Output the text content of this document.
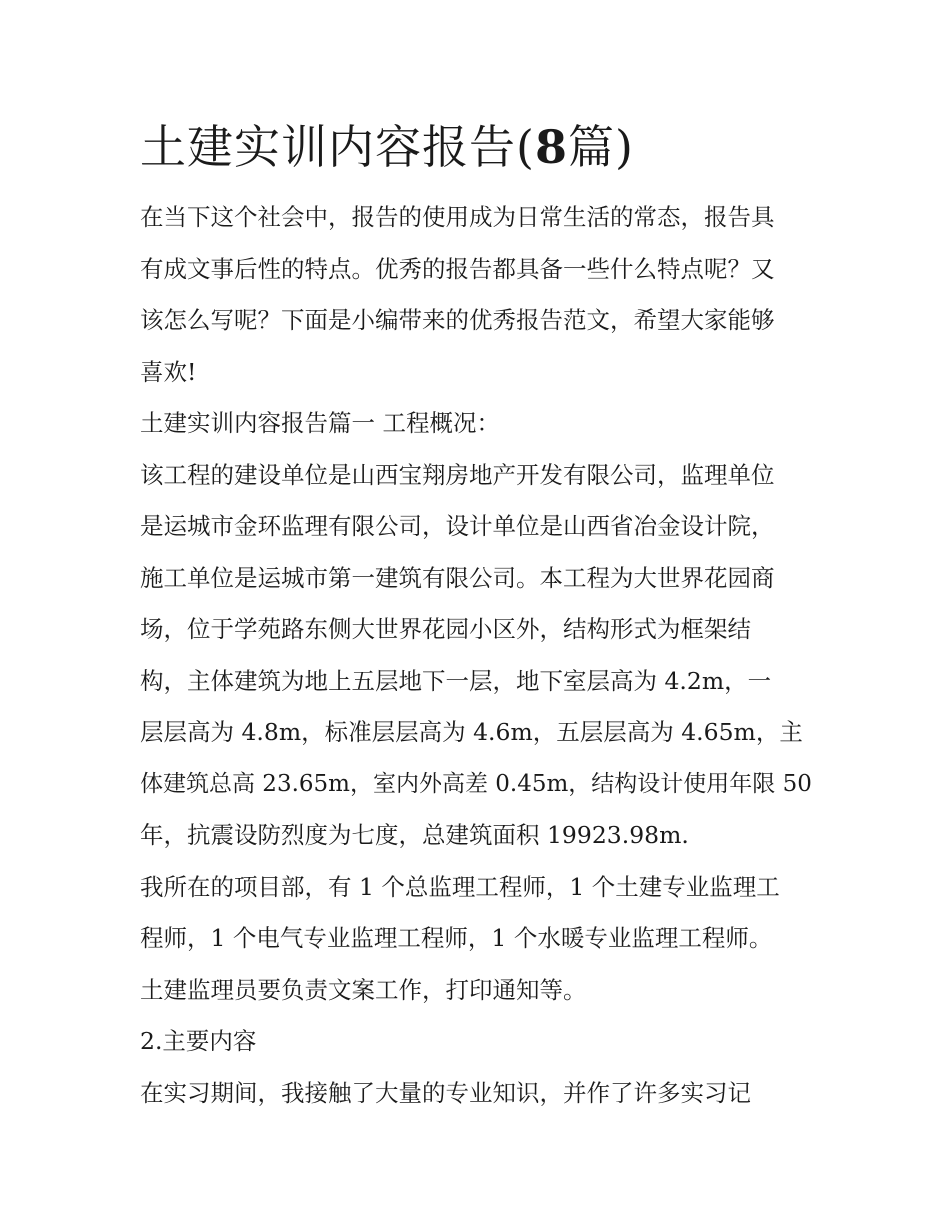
土建实训内容报告(8篇)

在当下这个社会中，报告的使用成为日常生活的常态，报告具
有成文事后性的特点。优秀的报告都具备一些什么特点呢？又
该怎么写呢？下面是小编带来的优秀报告范文，希望大家能够
喜欢!

土建实训内容报告篇一 工程概况：

该工程的建设单位是山西宝翔房地产开发有限公司，监理单位
是运城市金环监理有限公司，设计单位是山西省冶金设计院，
施工单位是运城市第一建筑有限公司。本工程为大世界花园商
场，位于学苑路东侧大世界花园小区外，结构形式为框架结
构，主体建筑为地上五层地下一层，地下室层高为 4.2m，一
层层高为 4.8m，标准层层高为 4.6m，五层层高为 4.65m，主
体建筑总高 23.65m，室内外高差 0.45m，结构设计使用年限 50
年，抗震设防烈度为七度，总建筑面积 19923.98m.

我所在的项目部，有 1 个总监理工程师，1 个土建专业监理工
程师，1 个电气专业监理工程师，1 个水暖专业监理工程师。
土建监理员要负责文案工作，打印通知等。

2.主要内容

在实习期间，我接触了大量的专业知识，并作了许多实习记
